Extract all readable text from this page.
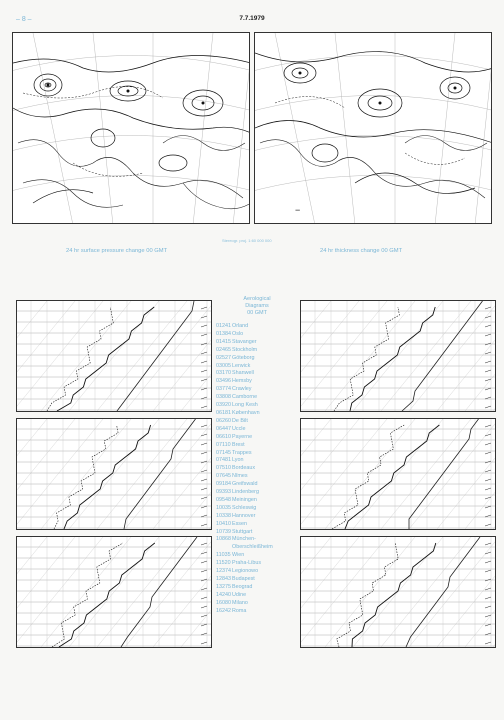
– 8 –	7.7.1979
−
Stereogr. proj. 1:60 000 000
24 hr surface pressure change 00 GMT	24 hr thickness change 00 GMT
Aerological
Diagrams
00 GMT
01241 Orland
01384 Oslo
01415 Stavanger
02465 Stockholm
02527 Göteborg
03005 Lerwick
03170 Shanwell
03496 Hemsby
03774 Crawley
03808 Camborne
03920 Long Kesh
06181 København
06260 De Bilt
06447 Uccle
06610 Payerne
07110 Brest
07145 Trappes
07481 Lyon
07510 Bordeaux
07645 Nîmes
09184 Greifswald
09393 Lindenberg
09548 Meiningen
10035 Schleswig
10338 Hannover
10410 Essen
10739 Stuttgart
10868 München-
Oberschleißheim
11035 Wien
11520 Praha-Libus
12374 Legionowo
12843 Budapest
13275 Beograd
14240 Udine
16080 Milano
16242 Roma
